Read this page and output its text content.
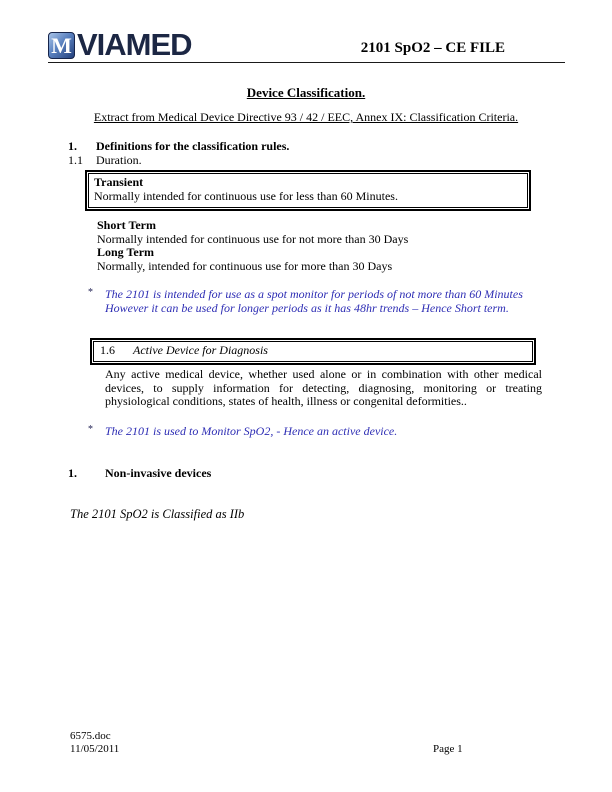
M VIAMED	2101 SpO2 – CE FILE
Device Classification.
Extract from Medical Device Directive 93 / 42 / EEC, Annex IX: Classification Criteria.
1. Definitions for the classification rules.
1.1 Duration.
Transient
Normally intended for continuous use for less than 60 Minutes.
Short Term
Normally intended for continuous use for not more than 30 Days
Long Term
Normally, intended for continuous use for more than 30 Days
* The 2101 is intended for use as a spot monitor for periods of not more than 60 Minutes However it can be used for longer periods as it has 48hr trends – Hence Short term.
1.6 Active Device for Diagnosis
Any active medical device, whether used alone or in combination with other medical devices, to supply information for detecting, diagnosing, monitoring or treating physiological conditions, states of health, illness or congenital deformities..
* The 2101 is used to Monitor SpO2, - Hence an active device.
1. Non-invasive devices
The 2101 SpO2 is Classified as IIb
6575.doc
11/05/2011	Page 1
